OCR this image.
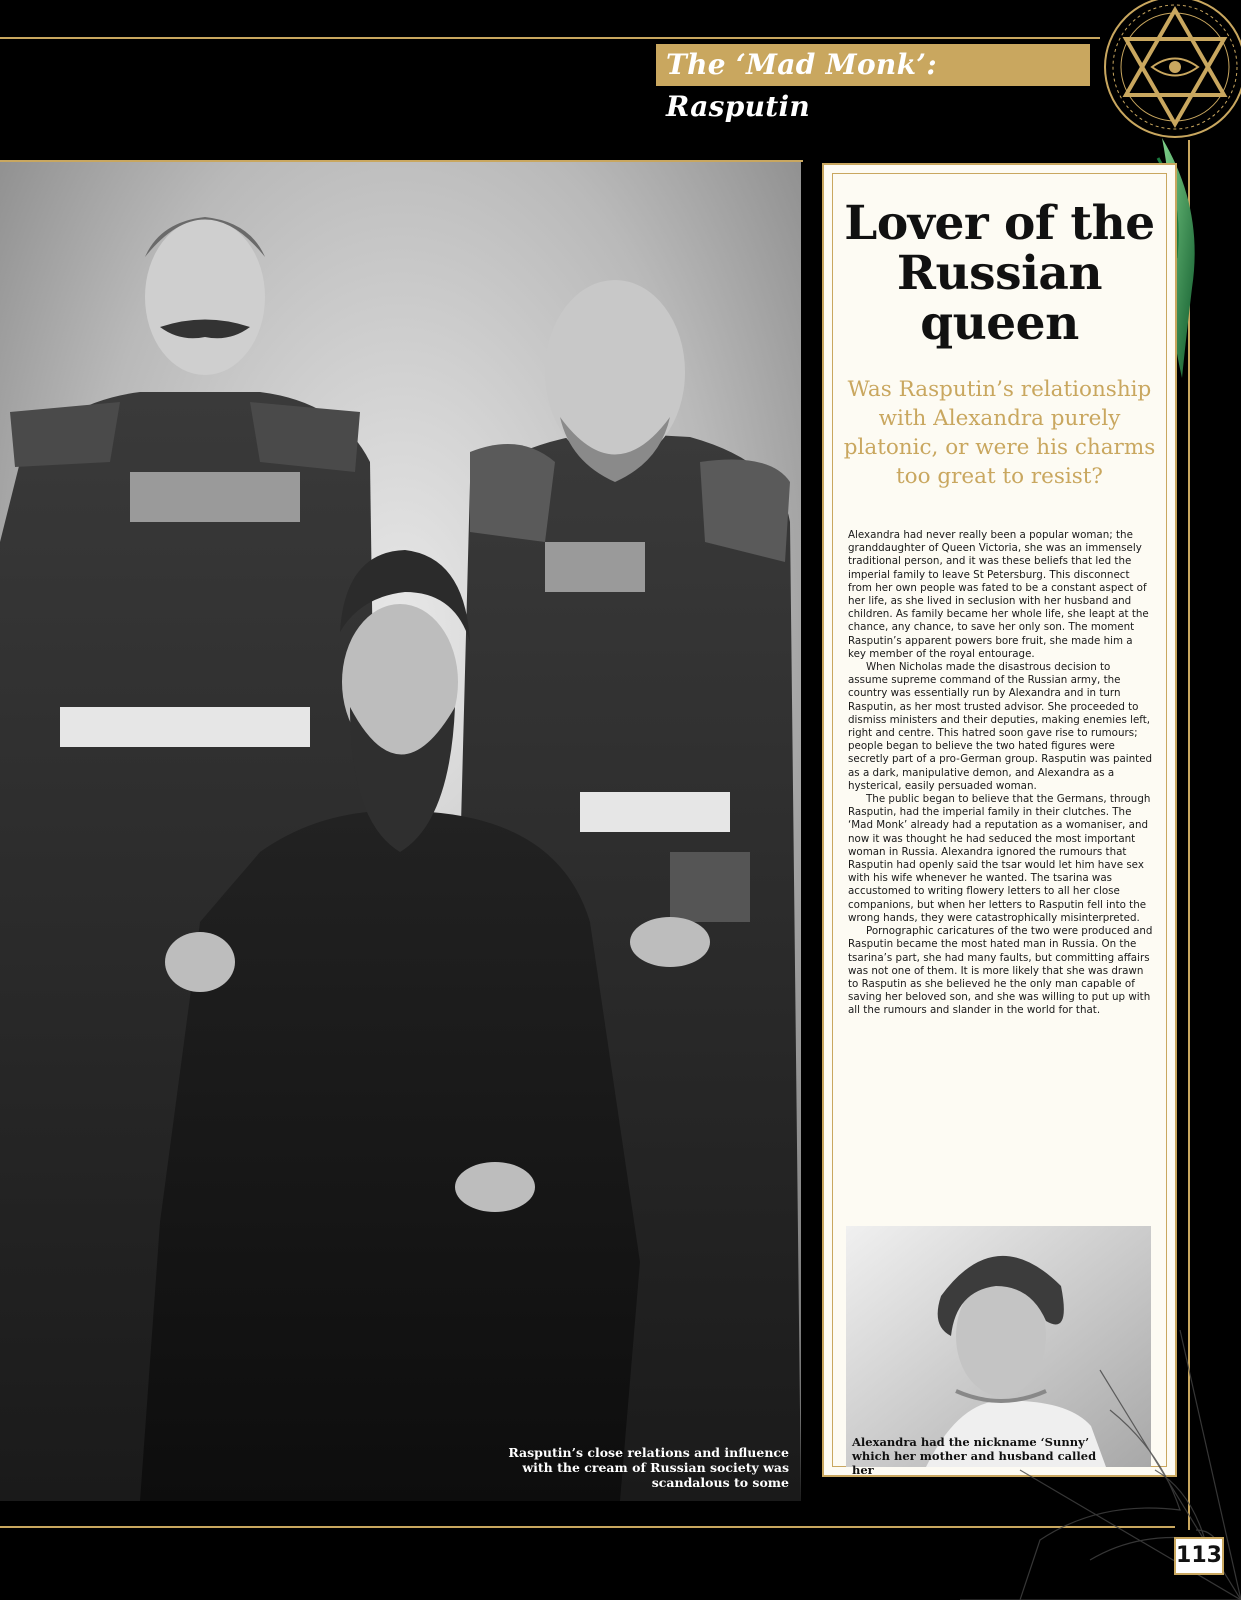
The ‘Mad Monk’: Rasputin
Rasputin’s close relations and influence with the cream of Russian society was scandalous to some
Lover of the Russian queen
Was Rasputin’s relationship with Alexandra purely platonic, or were his charms too great to resist?

Alexandra had never really been a popular woman; the granddaughter of Queen Victoria, she was an immensely traditional person, and it was these beliefs that led the imperial family to leave St Petersburg. This disconnect from her own people was fated to be a constant aspect of her life, as she lived in seclusion with her husband and children. As family became her whole life, she leapt at the chance, any chance, to save her only son. The moment Rasputin’s apparent powers bore fruit, she made him a key member of the royal entourage.

When Nicholas made the disastrous decision to assume supreme command of the Russian army, the country was essentially run by Alexandra and in turn Rasputin, as her most trusted advisor. She proceeded to dismiss ministers and their deputies, making enemies left, right and centre. This hatred soon gave rise to rumours; people began to believe the two hated figures were secretly part of a pro-German group. Rasputin was painted as a dark, manipulative demon, and Alexandra as a hysterical, easily persuaded woman.

The public began to believe that the Germans, through Rasputin, had the imperial family in their clutches. The ‘Mad Monk’ already had a reputation as a womaniser, and now it was thought he had seduced the most important woman in Russia. Alexandra ignored the rumours that Rasputin had openly said the tsar would let him have sex with his wife whenever he wanted. The tsarina was accustomed to writing flowery letters to all her close companions, but when her letters to Rasputin fell into the wrong hands, they were catastrophically misinterpreted.

Pornographic caricatures of the two were produced and Rasputin became the most hated man in Russia. On the tsarina’s part, she had many faults, but committing affairs was not one of them. It is more likely that she was drawn to Rasputin as she believed he the only man capable of saving her beloved son, and she was willing to put up with all the rumours and slander in the world for that.

Alexandra had the nickname ‘Sunny’ which her mother and husband called her
113
